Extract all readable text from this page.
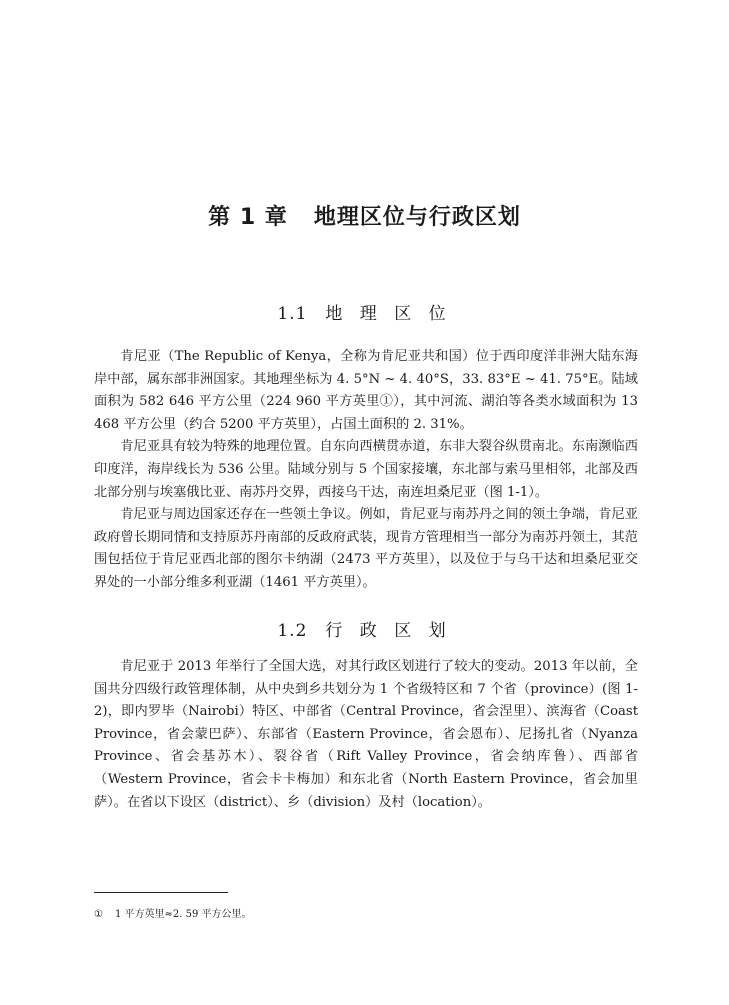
第 1 章 地理区位与行政区划
1.1 地 理 区 位

肯尼亚（The Republic of Kenya，全称为肯尼亚共和国）位于西印度洋非洲大陆东海岸中部，属东部非洲国家。其地理坐标为 4. 5°N ~ 4. 40°S，33. 83°E ~ 41. 75°E。陆域面积为 582 646 平方公里（224 960 平方英里①），其中河流、湖泊等各类水域面积为 13 468 平方公里（约合 5200 平方英里），占国土面积的 2. 31%。

肯尼亚具有较为特殊的地理位置。自东向西横贯赤道，东非大裂谷纵贯南北。东南濒临西印度洋，海岸线长为 536 公里。陆域分别与 5 个国家接壤，东北部与索马里相邻，北部及西北部分别与埃塞俄比亚、南苏丹交界，西接乌干达，南连坦桑尼亚（图 1-1）。

肯尼亚与周边国家还存在一些领土争议。例如，肯尼亚与南苏丹之间的领土争端，肯尼亚政府曾长期同情和支持原苏丹南部的反政府武装，现肯方管理相当一部分为南苏丹领土，其范围包括位于肯尼亚西北部的图尔卡纳湖（2473 平方英里），以及位于与乌干达和坦桑尼亚交界处的一小部分维多利亚湖（1461 平方英里）。

1.2 行 政 区 划

肯尼亚于 2013 年举行了全国大选，对其行政区划进行了较大的变动。2013 年以前，全国共分四级行政管理体制，从中央到乡共划分为 1 个省级特区和 7 个省（province）(图 1-2)，即内罗毕（Nairobi）特区、中部省（Central Province，省会涅里）、滨海省（Coast Province，省会蒙巴萨）、东部省（Eastern Province，省会恩布）、尼扬扎省（Nyanza Province、省会基苏木）、裂谷省（Rift Valley Province，省会纳库鲁）、西部省（Western Province，省会卡卡梅加）和东北省（North Eastern Province，省会加里萨）。在省以下设区（district）、乡（division）及村（location）。

① 1 平方英里≈2. 59 平方公里。
